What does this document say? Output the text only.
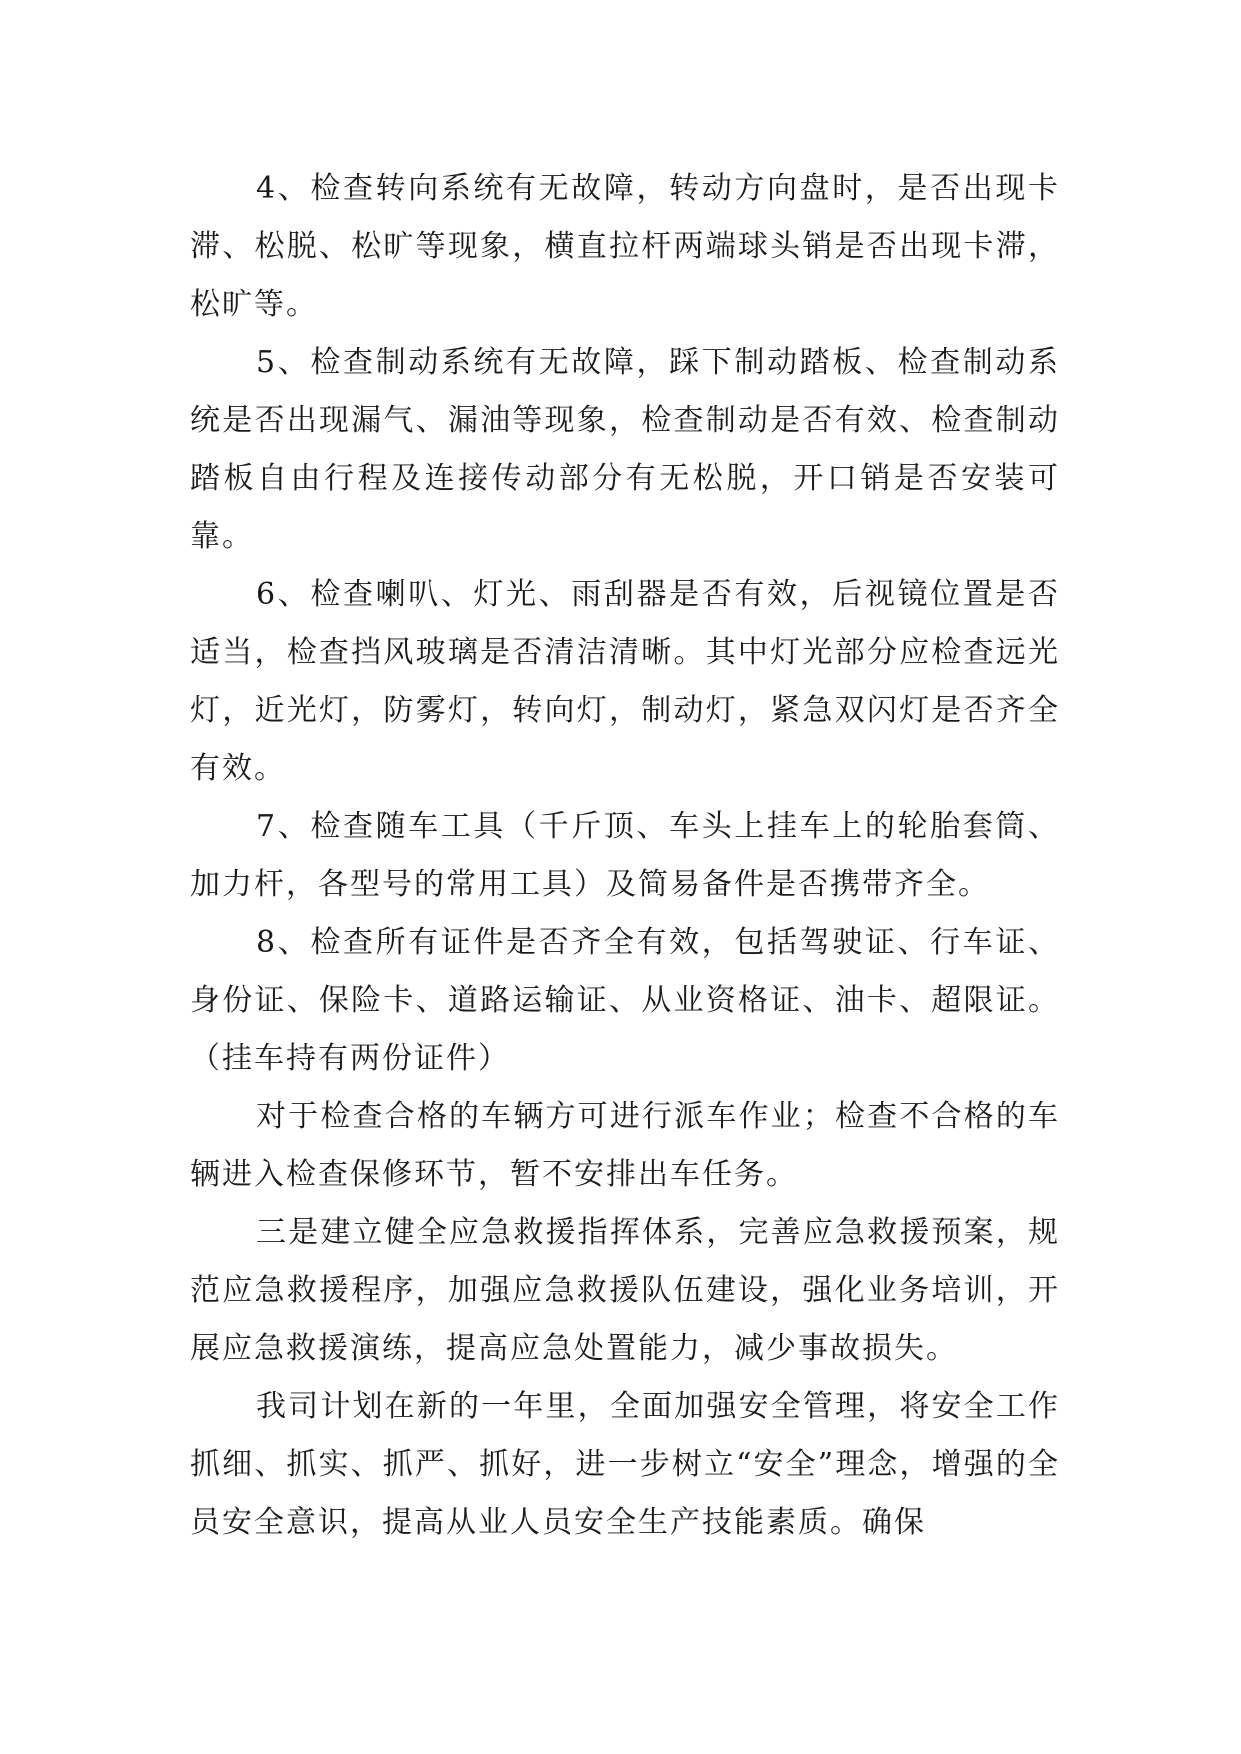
4、检查转向系统有无故障，转动方向盘时，是否出现卡滞、松脱、松旷等现象，横直拉杆两端球头销是否出现卡滞，松旷等。

5、检查制动系统有无故障，踩下制动踏板、检查制动系统是否出现漏气、漏油等现象，检查制动是否有效、检查制动踏板自由行程及连接传动部分有无松脱，开口销是否安装可靠。

6、检查喇叭、灯光、雨刮器是否有效，后视镜位置是否适当，检查挡风玻璃是否清洁清晰。其中灯光部分应检查远光灯，近光灯，防雾灯，转向灯，制动灯，紧急双闪灯是否齐全有效。

7、检查随车工具（千斤顶、车头上挂车上的轮胎套筒、加力杆，各型号的常用工具）及简易备件是否携带齐全。

8、检查所有证件是否齐全有效，包括驾驶证、行车证、身份证、保险卡、道路运输证、从业资格证、油卡、超限证。（挂车持有两份证件）

对于检查合格的车辆方可进行派车作业；检查不合格的车辆进入检查保修环节，暂不安排出车任务。

三是建立健全应急救援指挥体系，完善应急救援预案，规范应急救援程序，加强应急救援队伍建设，强化业务培训，开展应急救援演练，提高应急处置能力，减少事故损失。

我司计划在新的一年里，全面加强安全管理，将安全工作抓细、抓实、抓严、抓好，进一步树立“安全”理念，增强的全员安全意识，提高从业人员安全生产技能素质。确保
